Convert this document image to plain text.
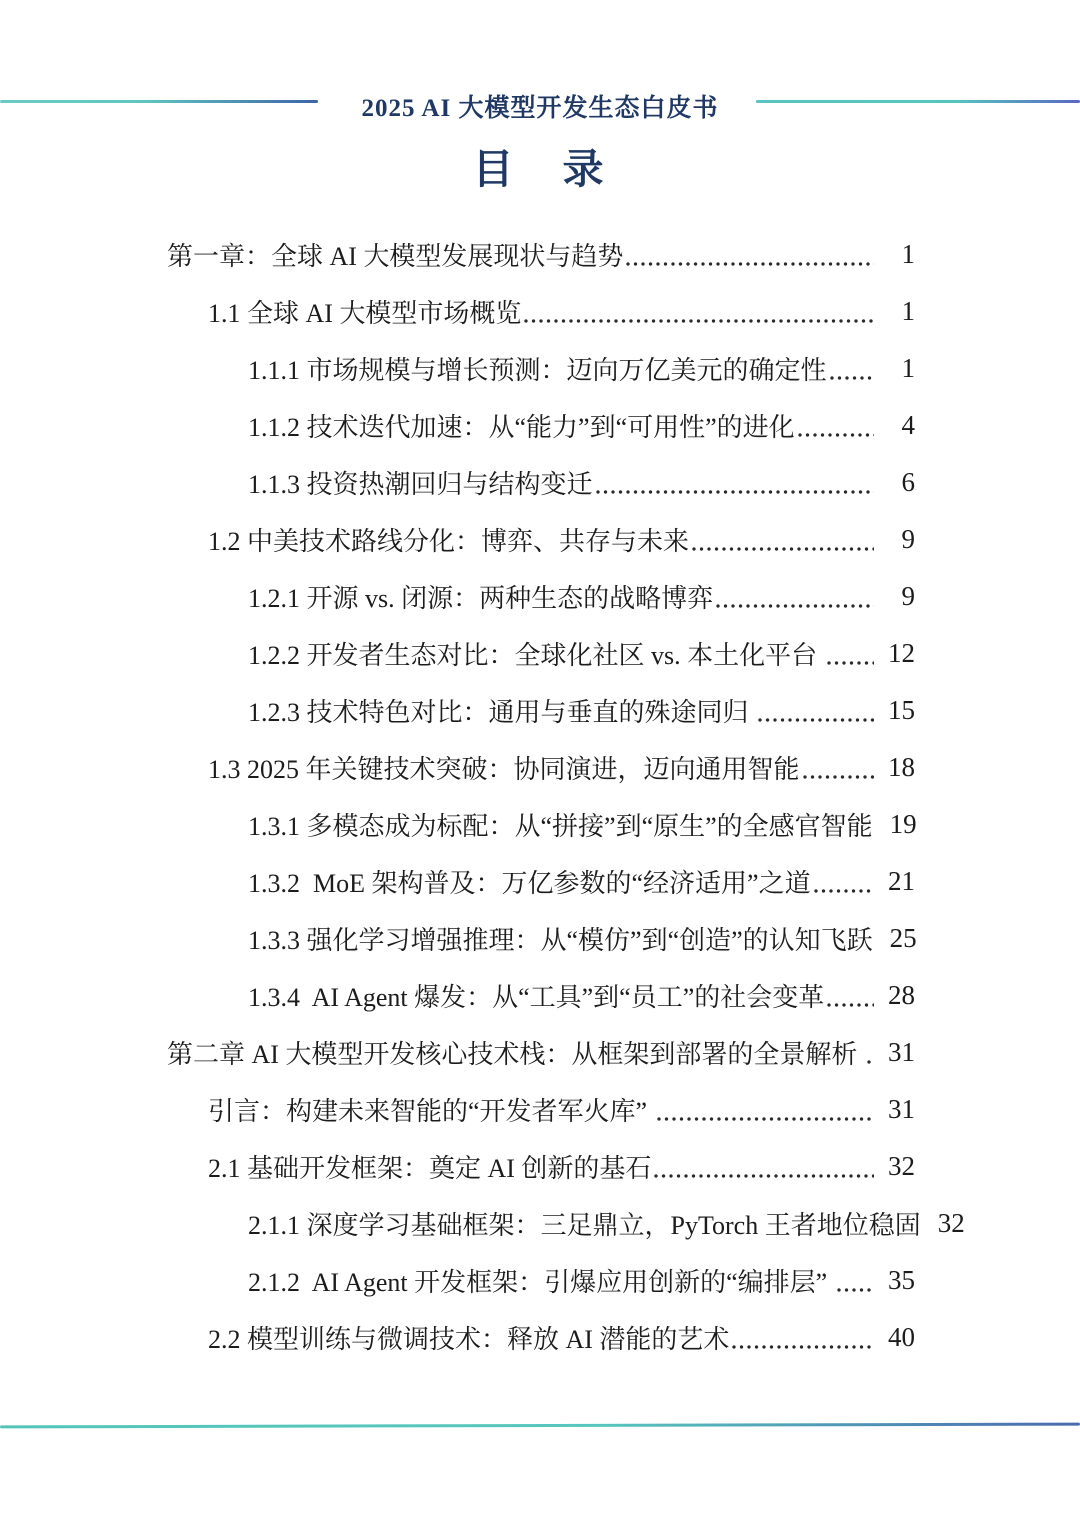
2025 AI 大模型开发生态白皮书
目　录
第一章：全球 AI 大模型发展现状与趋势	1
1.1 全球 AI 大模型市场概览	1
1.1.1 市场规模与增长预测：迈向万亿美元的确定性	1
1.1.2 技术迭代加速：从“能力”到“可用性”的进化	4
1.1.3 投资热潮回归与结构变迁	6
1.2 中美技术路线分化：博弈、共存与未来	9
1.2.1 开源 vs. 闭源：两种生态的战略博弈	9
1.2.2 开发者生态对比：全球化社区 vs. 本土化平台	12
1.2.3 技术特色对比：通用与垂直的殊途同归	15
1.3 2025 年关键技术突破：协同演进，迈向通用智能	18
1.3.1 多模态成为标配：从“拼接”到“原生”的全感官智能 19
1.3.2  MoE 架构普及：万亿参数的“经济适用”之道	21
1.3.3 强化学习增强推理：从“模仿”到“创造”的认知飞跃 25
1.3.4  AI Agent 爆发：从“工具”到“员工”的社会变革	28
第二章 AI 大模型开发核心技术栈：从框架到部署的全景解析 31
引言：构建未来智能的“开发者军火库”	31
2.1 基础开发框架：奠定 AI 创新的基石	32
2.1.1 深度学习基础框架：三足鼎立，PyTorch 王者地位稳固 32
2.1.2  AI Agent 开发框架：引爆应用创新的“编排层”	35
2.2 模型训练与微调技术：释放 AI 潜能的艺术	40
